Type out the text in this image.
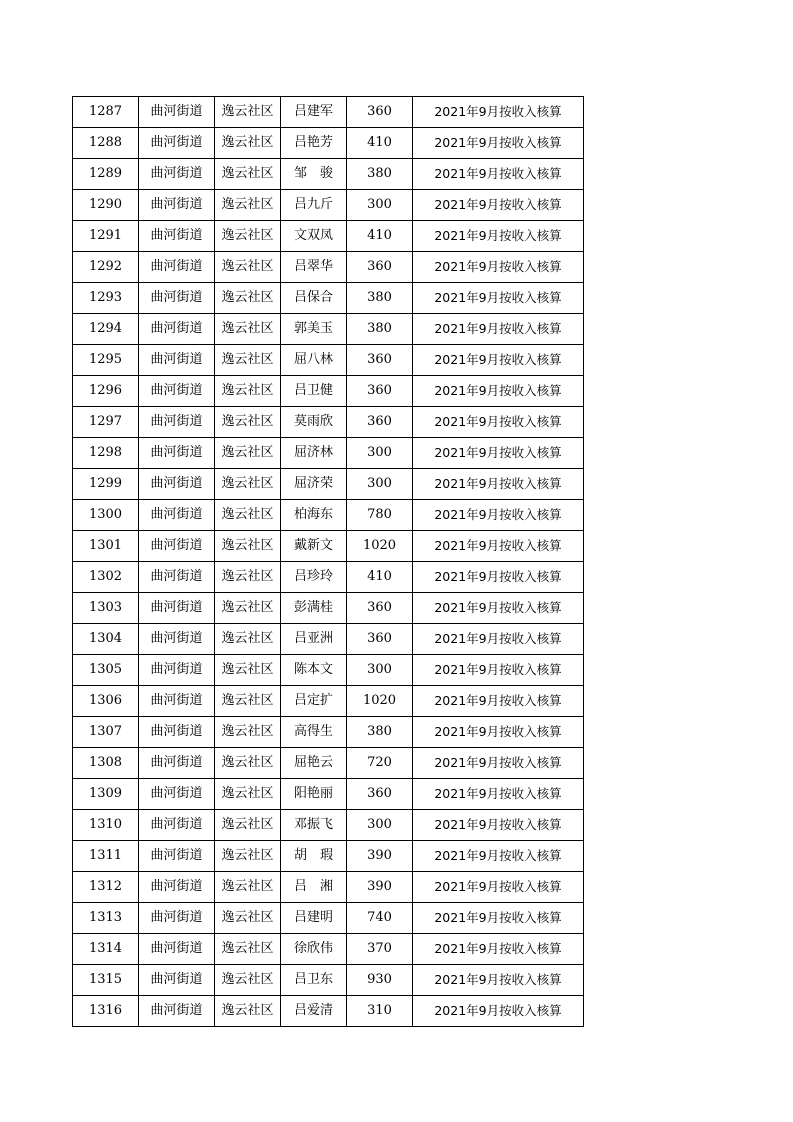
1287	曲河街道	逸云社区	吕建军	360	2021年9月按收入核算
1288	曲河街道	逸云社区	吕艳芳	410	2021年9月按收入核算
1289	曲河街道	逸云社区	邹　骏	380	2021年9月按收入核算
1290	曲河街道	逸云社区	吕九斤	300	2021年9月按收入核算
1291	曲河街道	逸云社区	文双凤	410	2021年9月按收入核算
1292	曲河街道	逸云社区	吕翠华	360	2021年9月按收入核算
1293	曲河街道	逸云社区	吕保合	380	2021年9月按收入核算
1294	曲河街道	逸云社区	郭美玉	380	2021年9月按收入核算
1295	曲河街道	逸云社区	屈八林	360	2021年9月按收入核算
1296	曲河街道	逸云社区	吕卫健	360	2021年9月按收入核算
1297	曲河街道	逸云社区	莫雨欣	360	2021年9月按收入核算
1298	曲河街道	逸云社区	屈济林	300	2021年9月按收入核算
1299	曲河街道	逸云社区	屈济荣	300	2021年9月按收入核算
1300	曲河街道	逸云社区	柏海东	780	2021年9月按收入核算
1301	曲河街道	逸云社区	戴新文	1020	2021年9月按收入核算
1302	曲河街道	逸云社区	吕珍玲	410	2021年9月按收入核算
1303	曲河街道	逸云社区	彭满桂	360	2021年9月按收入核算
1304	曲河街道	逸云社区	吕亚洲	360	2021年9月按收入核算
1305	曲河街道	逸云社区	陈本文	300	2021年9月按收入核算
1306	曲河街道	逸云社区	吕定扩	1020	2021年9月按收入核算
1307	曲河街道	逸云社区	高得生	380	2021年9月按收入核算
1308	曲河街道	逸云社区	屈艳云	720	2021年9月按收入核算
1309	曲河街道	逸云社区	阳艳丽	360	2021年9月按收入核算
1310	曲河街道	逸云社区	邓振飞	300	2021年9月按收入核算
1311	曲河街道	逸云社区	胡　瑕	390	2021年9月按收入核算
1312	曲河街道	逸云社区	吕　湘	390	2021年9月按收入核算
1313	曲河街道	逸云社区	吕建明	740	2021年9月按收入核算
1314	曲河街道	逸云社区	徐欣伟	370	2021年9月按收入核算
1315	曲河街道	逸云社区	吕卫东	930	2021年9月按收入核算
1316	曲河街道	逸云社区	吕爱清	310	2021年9月按收入核算
